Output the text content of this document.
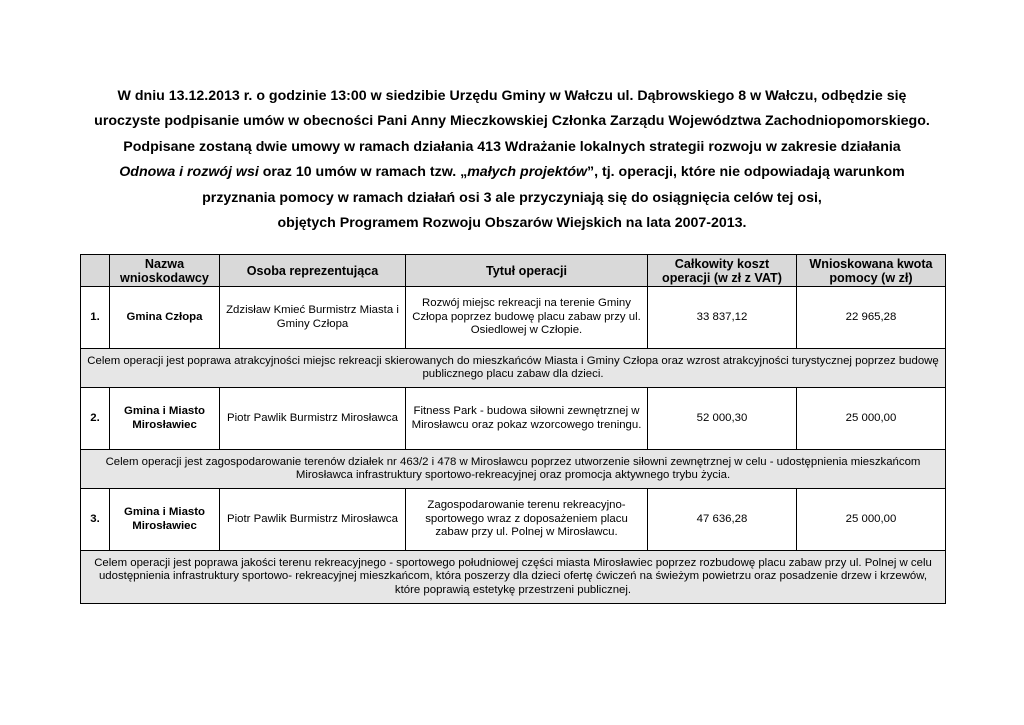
W dniu 13.12.2013 r. o godzinie 13:00 w siedzibie Urzędu Gminy w Wałczu ul. Dąbrowskiego 8 w Wałczu, odbędzie się

uroczyste podpisanie umów w obecności Pani Anny Mieczkowskiej Członka Zarządu Województwa Zachodniopomorskiego.

Podpisane zostaną dwie umowy w ramach działania 413 Wdrażanie lokalnych strategii rozwoju w zakresie działania

Odnowa i rozwój wsi oraz 10 umów w ramach tzw. „małych projektów”, tj. operacji, które nie odpowiadają warunkom

przyznania pomocy w ramach działań osi 3 ale przyczyniają się do osiągnięcia celów tej osi,

objętych Programem Rozwoju Obszarów Wiejskich na lata 2007-2013.

	Nazwa wnioskodawcy	Osoba reprezentująca	Tytuł operacji	Całkowity koszt operacji (w zł z VAT)	Wnioskowana kwota pomocy (w zł)
1.	Gmina Człopa	Zdzisław Kmieć Burmistrz Miasta i Gminy Człopa	Rozwój miejsc rekreacji na terenie Gminy Człopa poprzez budowę placu zabaw przy ul. Osiedlowej w Człopie.	33 837,12	22 965,28
Celem operacji jest poprawa atrakcyjności miejsc rekreacji skierowanych do mieszkańców Miasta i Gminy Człopa oraz wzrost atrakcyjności turystycznej poprzez budowę publicznego placu zabaw dla dzieci.					
2.	Gmina i Miasto Mirosławiec	Piotr Pawlik Burmistrz Mirosławca	Fitness Park - budowa siłowni zewnętrznej w Mirosławcu oraz pokaz wzorcowego treningu.	52 000,30	25 000,00
Celem operacji jest zagospodarowanie terenów działek nr 463/2 i 478 w Mirosławcu poprzez utworzenie siłowni zewnętrznej w celu - udostępnienia mieszkańcom Mirosławca infrastruktury sportowo-rekreacyjnej oraz promocja aktywnego trybu życia.					
3.	Gmina i Miasto Mirosławiec	Piotr Pawlik Burmistrz Mirosławca	Zagospodarowanie terenu rekreacyjno-sportowego wraz z doposażeniem placu zabaw przy ul. Polnej w Mirosławcu.	47 636,28	25 000,00
Celem operacji jest poprawa jakości terenu rekreacyjnego - sportowego południowej części miasta Mirosławiec poprzez rozbudowę placu zabaw przy ul. Polnej w celu udostępnienia infrastruktury sportowo- rekreacyjnej mieszkańcom, która poszerzy dla dzieci ofertę ćwiczeń na świeżym powietrzu oraz posadzenie drzew i krzewów, które poprawią estetykę przestrzeni publicznej.					
